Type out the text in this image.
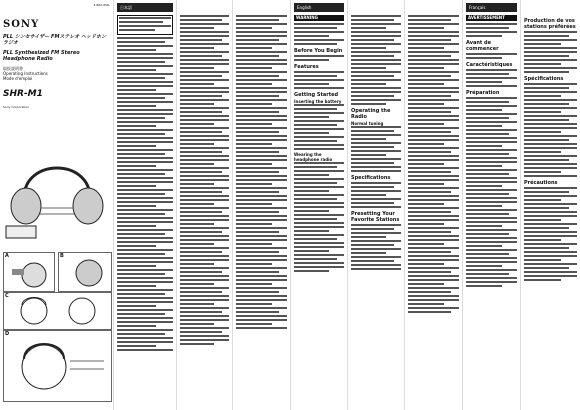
3-862-656-
SONY
PLL シンセサイザー FMステレオ ヘッドホンラジオ
PLL Synthesized FM Stereo Headphone Radio
取扱説明書
Operating Instructions
Mode d'emploi
SHR-M1
Sony Corporation
A	B
C
D
日本語	English
WARNING
Before You Begin
Features
Getting Started
Inserting the battery
Wearing the headphone radio
Operating the Radio
Normal tuning
Specifications
Presetting Your Favorite Stations
Français
AVERTISSEMENT
Avant de commencer
Caractéristiques
Préparation
Production de vos stations préférées
Spécifications
Précautions
